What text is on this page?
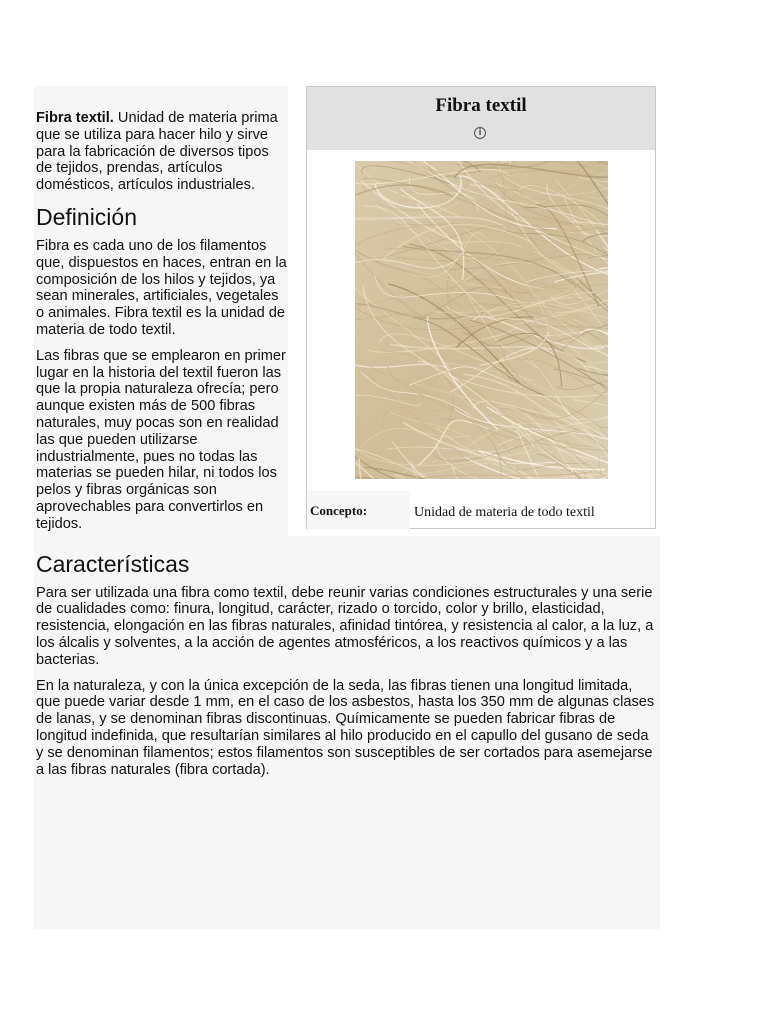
Fibra textil
i
Concepto:	Unidad de materia de todo textil

Fibra textil. Unidad de materia prima que se utiliza para hacer hilo y sirve para la fabricación de diversos tipos de tejidos, prendas, artículos domésticos, artículos industriales.

Definición

Fibra es cada uno de los filamentos que, dispuestos en haces, entran en la composición de los hilos y tejidos, ya sean minerales, artificiales, vegetales o animales. Fibra textil es la unidad de materia de todo textil.

Las fibras que se emplearon en primer lugar en la historia del textil fueron las que la propia naturaleza ofrecía; pero aunque existen más de 500 fibras naturales, muy pocas son en realidad las que pueden utilizarse industrialmente, pues no todas las materias se pueden hilar, ni todos los pelos y fibras orgánicas son aprovechables para convertirlos en tejidos.

Características

Para ser utilizada una fibra como textil, debe reunir varias condiciones estructurales y una serie de cualidades como: finura, longitud, carácter, rizado o torcido, color y brillo, elasticidad, resistencia, elongación en las fibras naturales, afinidad tintórea, y resistencia al calor, a la luz, a los álcalis y solventes, a la acción de agentes atmosféricos, a los reactivos químicos y a las bacterias.

En la naturaleza, y con la única excepción de la seda, las fibras tienen una longitud limitada, que puede variar desde 1 mm, en el caso de los asbestos, hasta los 350 mm de algunas clases de lanas, y se denominan fibras discontinuas. Químicamente se pueden fabricar fibras de longitud indefinida, que resultarían similares al hilo producido en el capullo del gusano de seda y se denominan filamentos; estos filamentos son susceptibles de ser cortados para asemejarse a las fibras naturales (fibra cortada).
